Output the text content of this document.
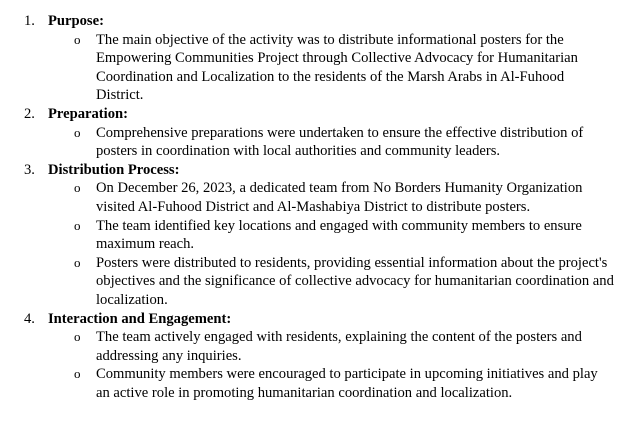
1. Purpose:
o The main objective of the activity was to distribute informational posters for the Empowering Communities Project through Collective Advocacy for Humanitarian Coordination and Localization to the residents of the Marsh Arabs in Al-Fuhood District.
2. Preparation:
o Comprehensive preparations were undertaken to ensure the effective distribution of posters in coordination with local authorities and community leaders.
3. Distribution Process:
o On December 26, 2023, a dedicated team from No Borders Humanity Organization visited Al-Fuhood District and Al-Mashabiya District to distribute posters.
o The team identified key locations and engaged with community members to ensure maximum reach.
o Posters were distributed to residents, providing essential information about the project's objectives and the significance of collective advocacy for humanitarian coordination and localization.
4. Interaction and Engagement:
o The team actively engaged with residents, explaining the content of the posters and addressing any inquiries.
o Community members were encouraged to participate in upcoming initiatives and play an active role in promoting humanitarian coordination and localization.
